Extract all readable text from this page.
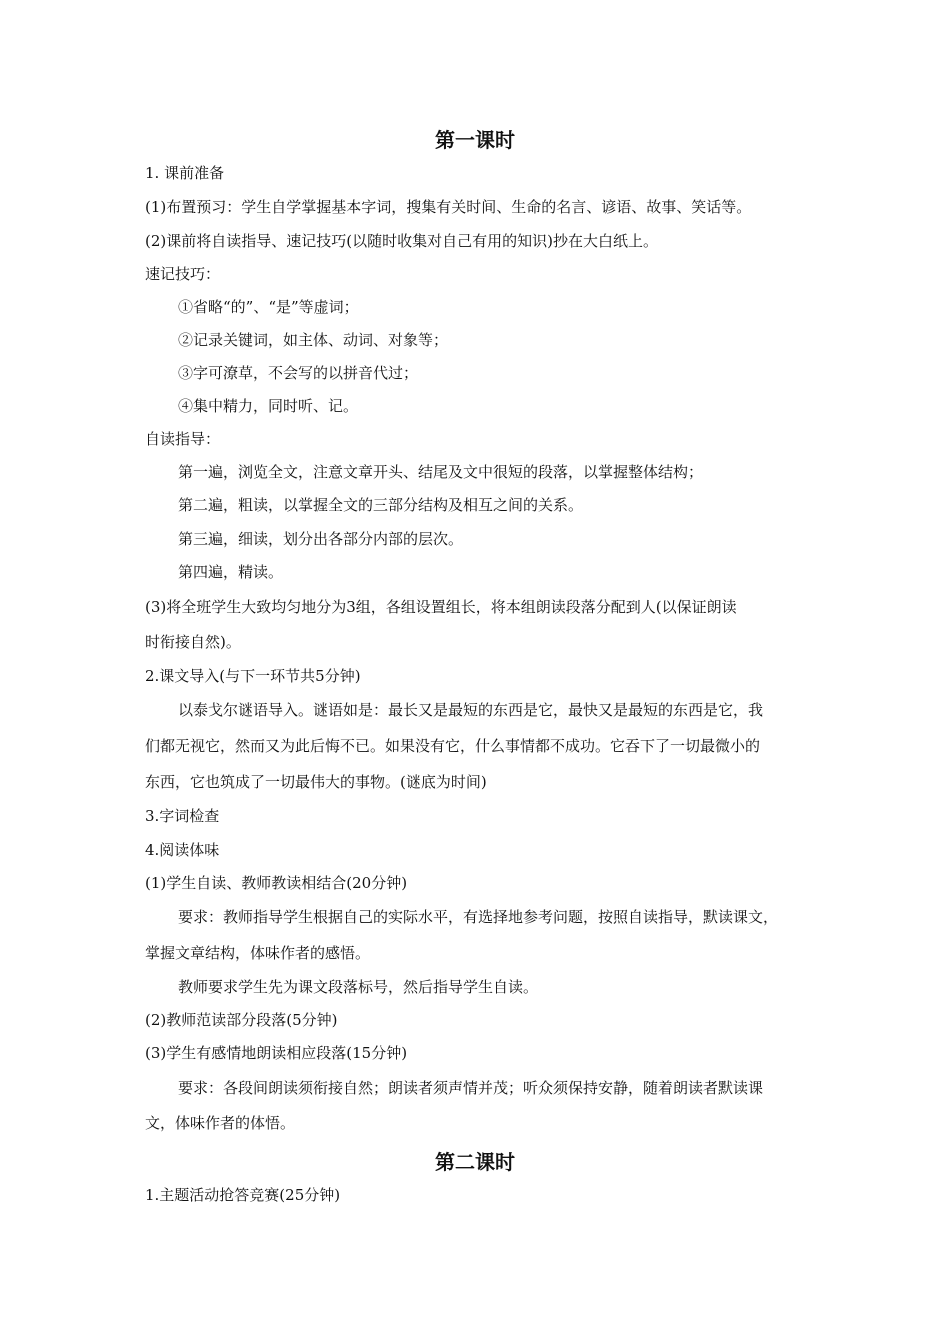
第一课时
1. 课前准备
(1)布置预习：学生自学掌握基本字词，搜集有关时间、生命的名言、谚语、故事、笑话等。
(2)课前将自读指导、速记技巧(以随时收集对自己有用的知识)抄在大白纸上。
速记技巧：
①省略“的”、“是”等虚词；
②记录关键词，如主体、动词、对象等；
③字可潦草，不会写的以拼音代过；
④集中精力，同时听、记。
自读指导：
第一遍，浏览全文，注意文章开头、结尾及文中很短的段落，以掌握整体结构；
第二遍，粗读，以掌握全文的三部分结构及相互之间的关系。
第三遍，细读，划分出各部分内部的层次。
第四遍，精读。
(3)将全班学生大致均匀地分为3组，各组设置组长，将本组朗读段落分配到人(以保证朗读
时衔接自然)。
2.课文导入(与下一环节共5分钟)
以泰戈尔谜语导入。谜语如是：最长又是最短的东西是它，最快又是最短的东西是它，我
们都无视它，然而又为此后悔不已。如果没有它，什么事情都不成功。它吞下了一切最微小的
东西，它也筑成了一切最伟大的事物。(谜底为时间)
3.字词检查
4.阅读体味
(1)学生自读、教师教读相结合(20分钟)
要求：教师指导学生根据自己的实际水平，有选择地参考问题，按照自读指导，默读课文，
掌握文章结构，体味作者的感悟。
教师要求学生先为课文段落标号，然后指导学生自读。
(2)教师范读部分段落(5分钟)
(3)学生有感情地朗读相应段落(15分钟)
要求：各段间朗读须衔接自然；朗读者须声情并茂；听众须保持安静，随着朗读者默读课
文，体味作者的体悟。
第二课时
1.主题活动抢答竞赛(25分钟)
